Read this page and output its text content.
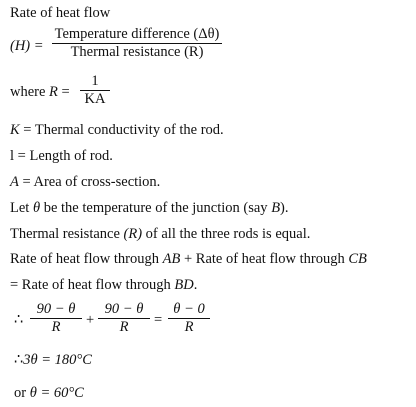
Rate of heat flow
(H) =
Temperature difference (Δθ)
Thermal resistance (R)
where R =
1
KA
K = Thermal conductivity of the rod.
l = Length of rod.
A = Area of cross-section.
Let θ be the temperature of the junction (say B).
Thermal resistance (R) of all the three rods is equal.
Rate of heat flow through AB + Rate of heat flow through CB
= Rate of heat flow through BD.
∴
90 − θ
R	+
90 − θ
R	=
θ − 0
R
∴3θ = 180°C
or θ = 60°C
